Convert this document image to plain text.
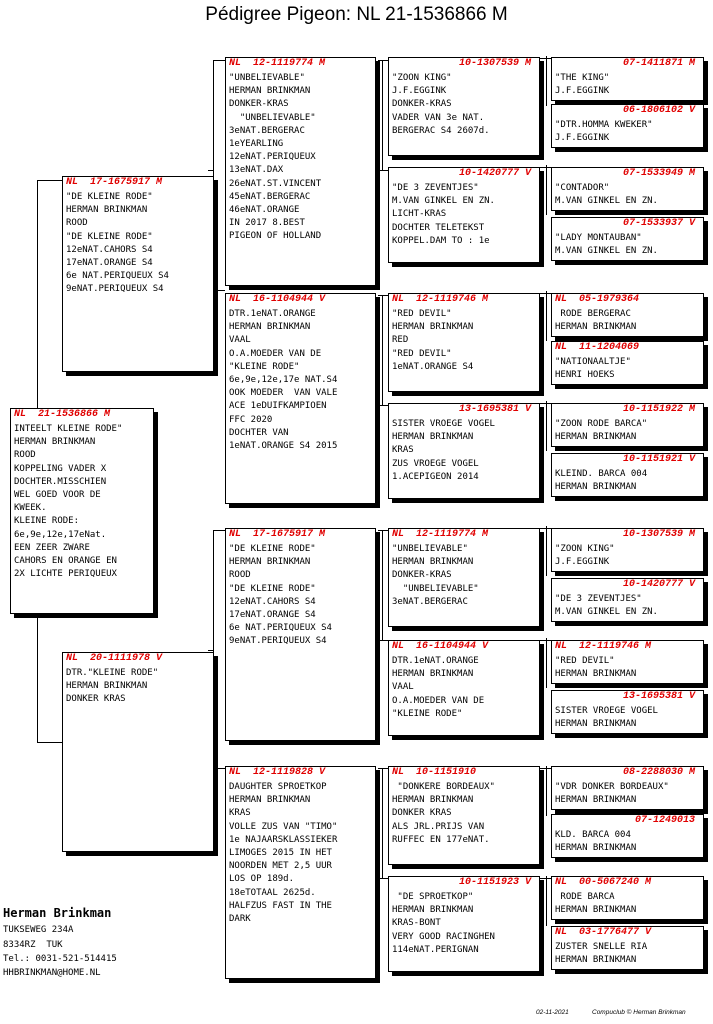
Pédigree Pigeon: NL 21-1536866 M
NL  21-1536866 M
INTEELT KLEINE RODE"
HERMAN BRINKMAN
ROOD
KOPPELING VADER X
DOCHTER.MISSCHIEN
WEL GOED VOOR DE
KWEEK.
KLEINE RODE:
6e,9e,12e,17eNat.
EEN ZEER ZWARE
CAHORS EN ORANGE EN
2X LICHTE PERIQUEUX
NL  17-1675917 M
"DE KLEINE RODE"
HERMAN BRINKMAN
ROOD
"DE KLEINE RODE"
12eNAT.CAHORS S4
17eNAT.ORANGE S4
6e NAT.PERIQUEUX S4
9eNAT.PERIQUEUX S4
NL  20-1111978 V
DTR."KLEINE RODE"
HERMAN BRINKMAN
DONKER KRAS
NL  12-1119774 M
"UNBELIEVABLE"
HERMAN BRINKMAN
DONKER-KRAS
"UNBELIEVABLE"
3eNAT.BERGERAC
1eYEARLING
12eNAT.PERIQUEUX
13eNAT.DAX
26eNAT.ST.VINCENT
45eNAT.BERGERAC
46eNAT.ORANGE
IN 2017 8.BEST
PIGEON OF HOLLAND
NL  16-1104944 V
DTR.1eNAT.ORANGE
HERMAN BRINKMAN
VAAL
O.A.MOEDER VAN DE
"KLEINE RODE"
6e,9e,12e,17e NAT.S4
OOK MOEDER  VAN VALE
ACE 1eDUIFKAMPIOEN
FFC 2020
DOCHTER VAN
1eNAT.ORANGE S4 2015
NL  17-1675917 M
"DE KLEINE RODE"
HERMAN BRINKMAN
ROOD
"DE KLEINE RODE"
12eNAT.CAHORS S4
17eNAT.ORANGE S4
6e NAT.PERIQUEUX S4
9eNAT.PERIQUEUX S4
NL  12-1119828 V
DAUGHTER SPROETKOP
HERMAN BRINKMAN
KRAS
VOLLE ZUS VAN "TIMO"
1e NAJAARSKLASSIEKER
LIMOGES 2015 IN HET
NOORDEN MET 2,5 UUR
LOS OP 189d.
18eTOTAAL 2625d.
HALFZUS FAST IN THE
DARK
10-1307539 M
"ZOON KING"
J.F.EGGINK
DONKER-KRAS
VADER VAN 3e NAT.
BERGERAC S4 2607d.
10-1420777 V
"DE 3 ZEVENTJES"
M.VAN GINKEL EN ZN.
LICHT-KRAS
DOCHTER TELETEKST
KOPPEL.DAM TO : 1e
NL  12-1119746 M
"RED DEVIL"
HERMAN BRINKMAN
RED
"RED DEVIL"
1eNAT.ORANGE S4
13-1695381 V
SISTER VROEGE VOGEL
HERMAN BRINKMAN
KRAS
ZUS VROEGE VOGEL
1.ACEPIGEON 2014
NL  12-1119774 M
"UNBELIEVABLE"
HERMAN BRINKMAN
DONKER-KRAS
"UNBELIEVABLE"
3eNAT.BERGERAC
NL  16-1104944 V
DTR.1eNAT.ORANGE
HERMAN BRINKMAN
VAAL
O.A.MOEDER VAN DE
"KLEINE RODE"
NL  10-1151910
"DONKERE BORDEAUX"
HERMAN BRINKMAN
DONKER KRAS
ALS JRL.PRIJS VAN
RUFFEC EN 177eNAT.
10-1151923 V
"DE SPROETKOP"
HERMAN BRINKMAN
KRAS-BONT
VERY GOOD RACINGHEN
114eNAT.PERIGNAN
07-1411871 M
"THE KING"
J.F.EGGINK
06-1806102 V
"DTR.HOMMA KWEKER"
J.F.EGGINK
07-1533949 M
"CONTADOR"
M.VAN GINKEL EN ZN.
07-1533937 V
"LADY MONTAUBAN"
M.VAN GINKEL EN ZN.
NL  05-1979364
RODE BERGERAC
HERMAN BRINKMAN
NL  11-1204069
"NATIONAALTJE"
HENRI HOEKS
10-1151922 M
"ZOON RODE BARCA"
HERMAN BRINKMAN
10-1151921 V
KLEIND. BARCA 004
HERMAN BRINKMAN
10-1307539 M
"ZOON KING"
J.F.EGGINK
10-1420777 V
"DE 3 ZEVENTJES"
M.VAN GINKEL EN ZN.
NL  12-1119746 M
"RED DEVIL"
HERMAN BRINKMAN
13-1695381 V
SISTER VROEGE VOGEL
HERMAN BRINKMAN
08-2288030 M
"VDR DONKER BORDEAUX"
HERMAN BRINKMAN
07-1249013
KLD. BARCA 004
HERMAN BRINKMAN
NL  00-5067240 M
RODE BARCA
HERMAN BRINKMAN
NL  03-1776477 V
ZUSTER SNELLE RIA
HERMAN BRINKMAN
Herman Brinkman
TUKSEWEG 234A
8334RZ  TUK
Tel.: 0031-521-514415
HHBRINKMAN@HOME.NL
02-11-2021	Compuclub © Herman Brinkman
